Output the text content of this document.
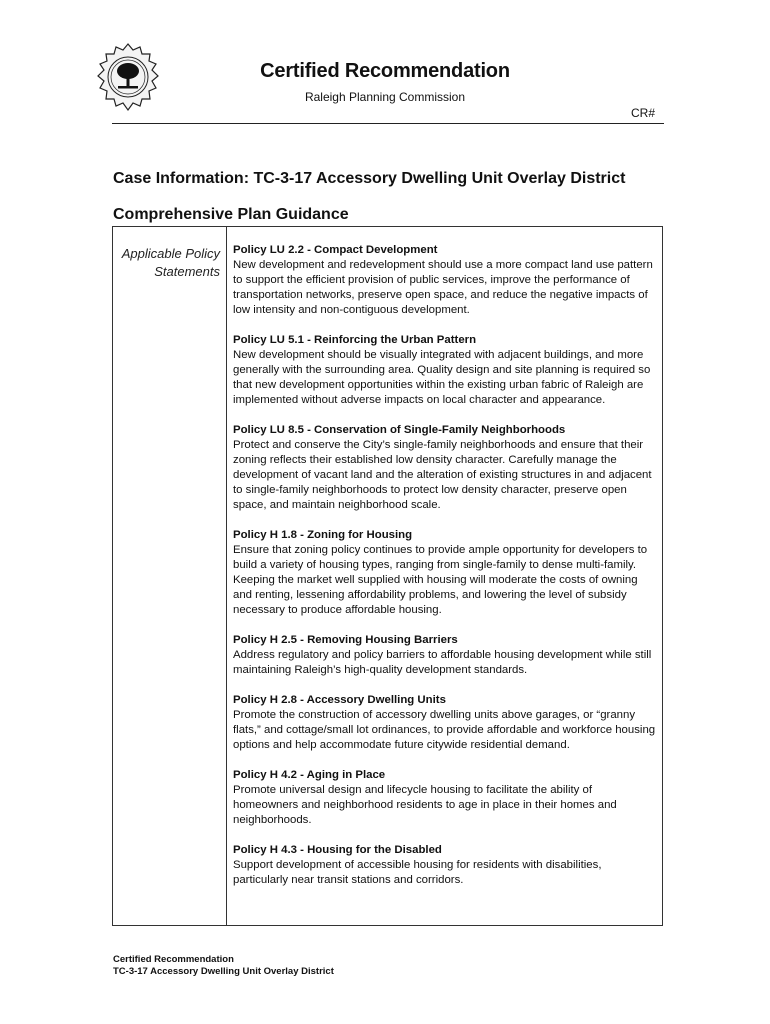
Certified Recommendation
Raleigh Planning Commission
CR#
Case Information: TC-3-17 Accessory Dwelling Unit Overlay District
Comprehensive Plan Guidance
Applicable Policy Statements
Policy LU 2.2 - Compact Development
New development and redevelopment should use a more compact land use pattern to support the efficient provision of public services, improve the performance of transportation networks, preserve open space, and reduce the negative impacts of low intensity and non-contiguous development.
Policy LU 5.1 - Reinforcing the Urban Pattern
New development should be visually integrated with adjacent buildings, and more generally with the surrounding area. Quality design and site planning is required so that new development opportunities within the existing urban fabric of Raleigh are implemented without adverse impacts on local character and appearance.
Policy LU 8.5 - Conservation of Single-Family Neighborhoods
Protect and conserve the City’s single-family neighborhoods and ensure that their zoning reflects their established low density character. Carefully manage the development of vacant land and the alteration of existing structures in and adjacent to single-family neighborhoods to protect low density character, preserve open space, and maintain neighborhood scale.
Policy H 1.8 - Zoning for Housing
Ensure that zoning policy continues to provide ample opportunity for developers to build a variety of housing types, ranging from single-family to dense multi-family. Keeping the market well supplied with housing will moderate the costs of owning and renting, lessening affordability problems, and lowering the level of subsidy necessary to produce affordable housing.
Policy H 2.5 - Removing Housing Barriers
Address regulatory and policy barriers to affordable housing development while still maintaining Raleigh’s high-quality development standards.
Policy H 2.8 - Accessory Dwelling Units
Promote the construction of accessory dwelling units above garages, or “granny flats,” and cottage/small lot ordinances, to provide affordable and workforce housing options and help accommodate future citywide residential demand.
Policy H 4.2 - Aging in Place
Promote universal design and lifecycle housing to facilitate the ability of homeowners and neighborhood residents to age in place in their homes and neighborhoods.
Policy H 4.3 - Housing for the Disabled
Support development of accessible housing for residents with disabilities, particularly near transit stations and corridors.
Certified Recommendation
TC-3-17 Accessory Dwelling Unit Overlay District
